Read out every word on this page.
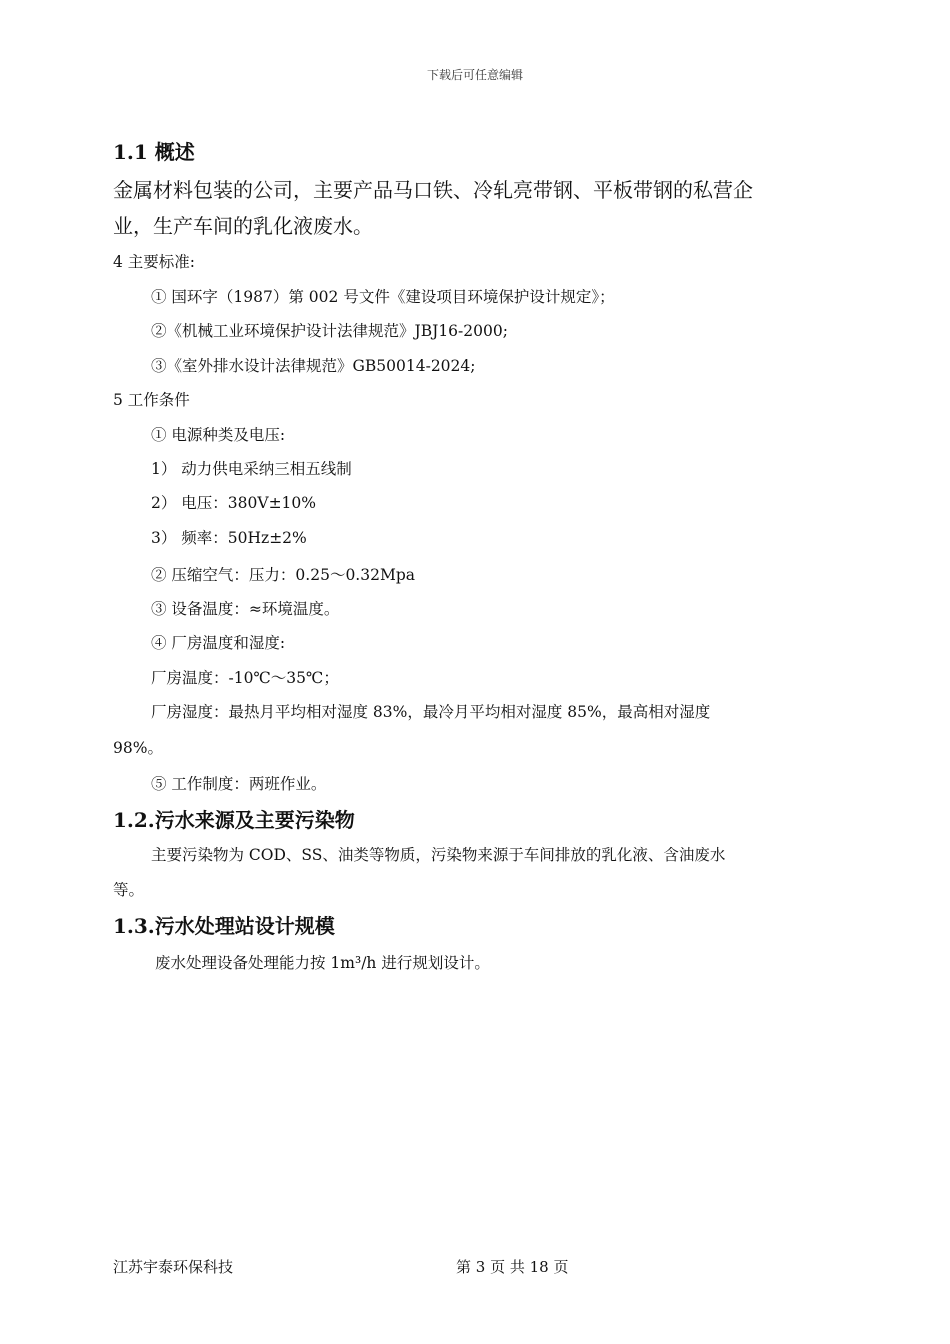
下载后可任意编辑
1.1 概述
金属材料包装的公司，主要产品马口铁、冷轧亮带钢、平板带钢的私营企
业，生产车间的乳化液废水。
4 主要标准:
① 国环字（1987）第 002 号文件《建设项目环境保护设计规定》；
②《机械工业环境保护设计法律规范》JBJ16-2000;
③《室外排水设计法律规范》GB50014-2024;
5 工作条件
① 电源种类及电压:
1） 动力供电采纳三相五线制
2） 电压：380V±10%
3） 频率：50Hz±2%
② 压缩空气：压力：0.25～0.32Mpa
③ 设备温度：≈环境温度。
④ 厂房温度和湿度:
厂房温度：-10℃～35℃；
厂房湿度：最热月平均相对湿度 83%，最冷月平均相对湿度 85%，最高相对湿度
98%。
⑤ 工作制度：两班作业。
1.2.污水来源及主要污染物
主要污染物为 COD、SS、油类等物质，污染物来源于车间排放的乳化液、含油废水
等。
1.3.污水处理站设计规模
废水处理设备处理能力按 1m³/h 进行规划设计。
江苏宇泰环保科技	第 3 页 共 18 页
